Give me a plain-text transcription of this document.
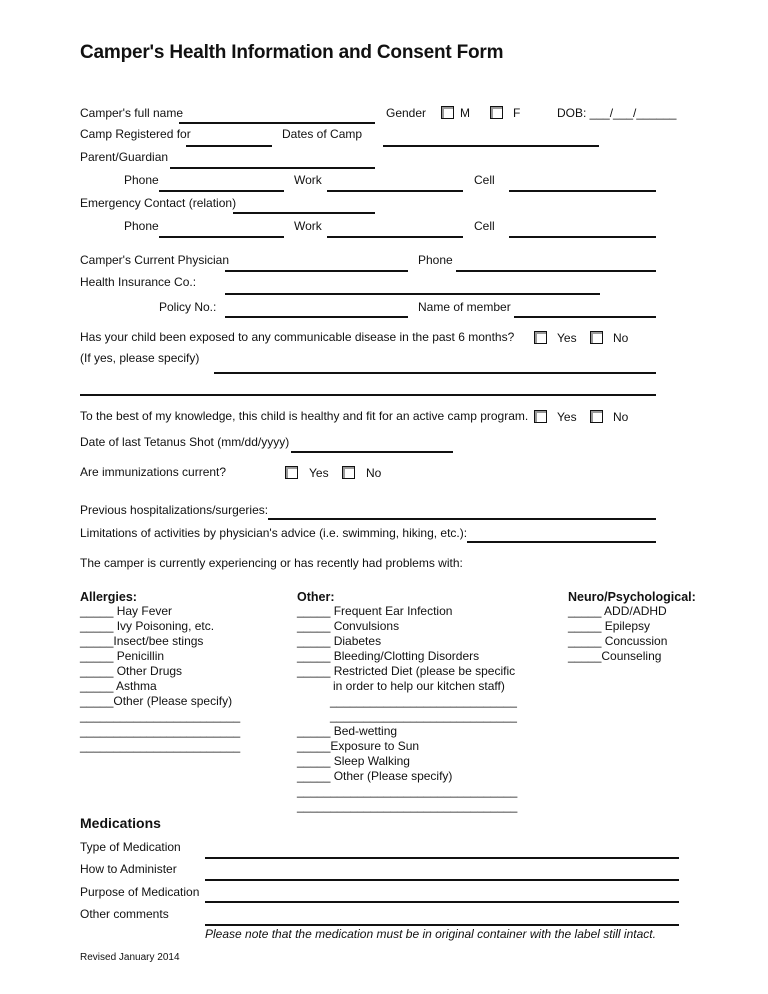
Camper's Health Information and Consent Form
Camper's full name	Gender	M	F	DOB: ___/___/______
Camp Registered for	Dates of Camp
Parent/Guardian
Phone	Work	Cell
Emergency Contact (relation)
Phone	Work	Cell
Camper's Current Physician	Phone
Health Insurance Co.:
Policy No.:	Name of member
Has your child been exposed to any communicable disease in the past 6 months?	Yes	No
(If yes, please specify)
To the best of my knowledge, this child is healthy and fit for an active camp program. Yes	No
Date of last Tetanus Shot (mm/dd/yyyy)
Are immunizations current?	Yes	No
Previous hospitalizations/surgeries:
Limitations of activities by physician's advice (i.e. swimming, hiking, etc.):
The camper is currently experiencing or has recently had problems with:
Allergies:
_____ Hay Fever
_____ Ivy Poisoning, etc.
_____Insect/bee stings
_____ Penicillin
_____ Other Drugs
_____ Asthma
_____Other (Please specify)
________________________
________________________
________________________
Other:
_____ Frequent Ear Infection
_____ Convulsions
_____ Diabetes
_____ Bleeding/Clotting Disorders
_____ Restricted Diet (please be specific
in order to help our kitchen staff)
____________________________
____________________________
_____ Bed-wetting
_____Exposure to Sun
_____ Sleep Walking
_____ Other (Please specify)
_________________________________
_________________________________
Neuro/Psychological:
_____ ADD/ADHD
_____ Epilepsy
_____ Concussion
_____Counseling
Medications
Type of Medication
How to Administer
Purpose of Medication
Other comments
Please note that the medication must be in original container with the label still intact.
Revised January 2014
